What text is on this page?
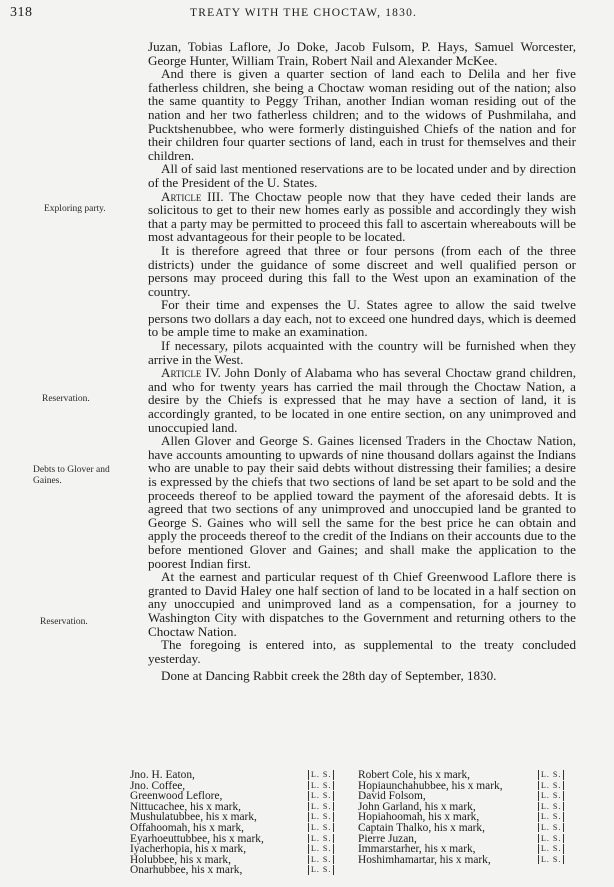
318	TREATY WITH THE CHOCTAW, 1830.
Exploring party.
Reservation.
Debts to Glover and Gaines.
Reservation.

Juzan, Tobias Laflore, Jo Doke, Jacob Fulsom, P. Hays, Samuel Worcester, George Hunter, William Train, Robert Nail and Alexander McKee.

And there is given a quarter section of land each to Delila and her five fatherless children, she being a Choctaw woman residing out of the nation; also the same quantity to Peggy Trihan, another Indian woman residing out of the nation and her two fatherless children; and to the widows of Pushmilaha, and Pucktshenubbee, who were formerly distinguished Chiefs of the nation and for their children four quarter sections of land, each in trust for themselves and their children.

All of said last mentioned reservations are to be located under and by direction of the President of the U. States.

Article III. The Choctaw people now that they have ceded their lands are solicitous to get to their new homes early as possible and accordingly they wish that a party may be permitted to proceed this fall to ascertain whereabouts will be most advantageous for their people to be located.

It is therefore agreed that three or four persons (from each of the three districts) under the guidance of some discreet and well qualified person or persons may proceed during this fall to the West upon an examination of the country.

For their time and expenses the U. States agree to allow the said twelve persons two dollars a day each, not to exceed one hundred days, which is deemed to be ample time to make an examination.

If necessary, pilots acquainted with the country will be furnished when they arrive in the West.

Article IV. John Donly of Alabama who has several Choctaw grand children, and who for twenty years has carried the mail through the Choctaw Nation, a desire by the Chiefs is expressed that he may have a section of land, it is accordingly granted, to be located in one entire section, on any unimproved and unoccupied land.

Allen Glover and George S. Gaines licensed Traders in the Choctaw Nation, have accounts amounting to upwards of nine thousand dollars against the Indians who are unable to pay their said debts without distressing their families; a desire is expressed by the chiefs that two sections of land be set apart to be sold and the proceeds thereof to be applied toward the payment of the aforesaid debts. It is agreed that two sections of any unimproved and unoccupied land be granted to George S. Gaines who will sell the same for the best price he can obtain and apply the proceeds thereof to the credit of the Indians on their accounts due to the before mentioned Glover and Gaines; and shall make the application to the poorest Indian first.

At the earnest and particular request of th Chief Greenwood Laflore there is granted to David Haley one half section of land to be located in a half section on any unoccupied and unimproved land as a compensation, for a journey to Washington City with dispatches to the Government and returning others to the Choctaw Nation.

The foregoing is entered into, as supplemental to the treaty concluded yesterday.

Done at Dancing Rabbit creek the 28th day of September, 1830.

Jno. H. Eaton,	L. S.
Jno. Coffee,	L. S.
Greenwood Leflore,	L. S.
Nittucachee, his x mark,	L. S.
Mushulatubbee, his x mark,	L. S.
Offahoomah, his x mark,	L. S.
Eyarhoeuttubbee, his x mark,	L. S.
Iyacherhopia, his x mark,	L. S.
Holubbee, his x mark,	L. S.
Onarhubbee, his x mark,	L. S.
Robert Cole, his x mark,	L. S.
Hopiaunchahubbee, his x mark,	L. S.
David Folsom,	L. S.
John Garland, his x mark,	L. S.
Hopiahoomah, his x mark,	L. S.
Captain Thalko, his x mark,	L. S.
Pierre Juzan,	L. S.
Immarstarher, his x mark,	L. S.
Hoshimhamartar, his x mark,	L. S.
